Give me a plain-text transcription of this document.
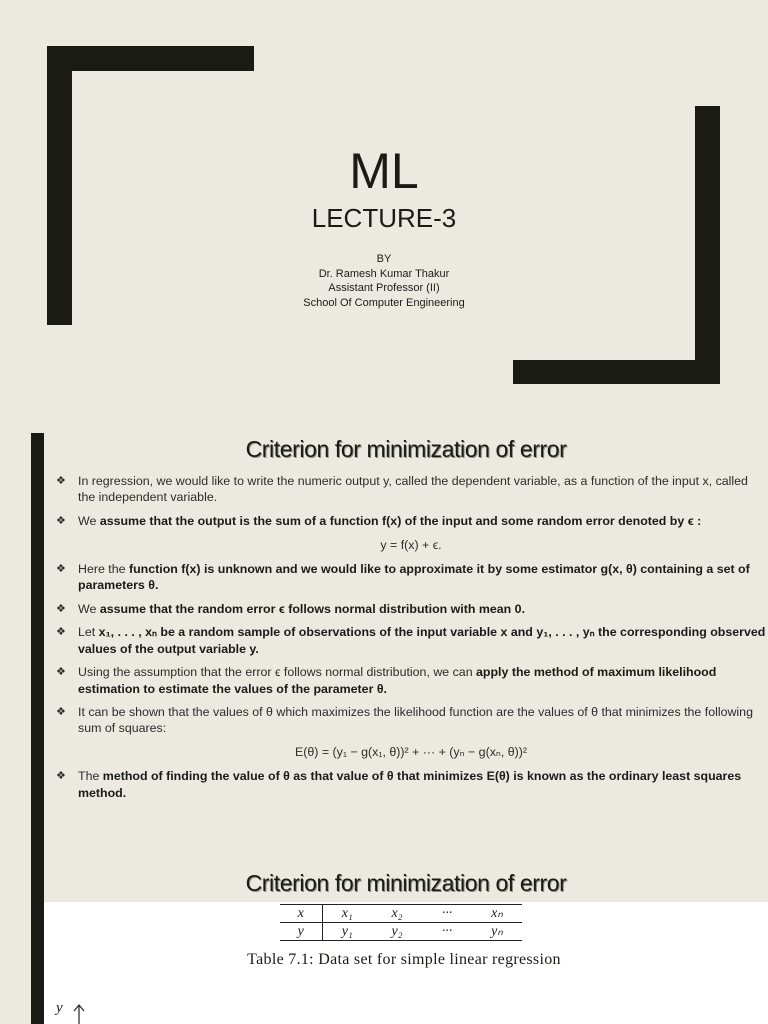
ML
LECTURE-3
BY
Dr. Ramesh Kumar Thakur
Assistant Professor (II)
School Of Computer Engineering
Criterion for minimization of error
❖ In regression, we would like to write the numeric output y, called the dependent variable, as a function of the input x, called the independent variable.
❖ We assume that the output is the sum of a function f(x) of the input and some random error denoted by ϵ :
y = f(x) + ϵ.
❖ Here the function f(x) is unknown and we would like to approximate it by some estimator g(x, θ) containing a set of parameters θ.
❖ We assume that the random error ϵ follows normal distribution with mean 0.
❖ Let x₁, . . . , xₙ be a random sample of observations of the input variable x and y₁, . . . , yₙ the corresponding observed values of the output variable y.
❖ Using the assumption that the error ϵ follows normal distribution, we can apply the method of maximum likelihood estimation to estimate the values of the parameter θ.
❖ It can be shown that the values of θ which maximizes the likelihood function are the values of θ that minimizes the following sum of squares:
E(θ) = (y₁ − g(x₁, θ))² + ··· + (yₙ − g(xₙ, θ))²
❖ The method of finding the value of θ as that value of θ that minimizes E(θ) is known as the ordinary least squares method.
Criterion for minimization of error
x	x₁	x₂	···	xₙ
y	y₁	y₂	···	yₙ
Table 7.1: Data set for simple linear regression
y
